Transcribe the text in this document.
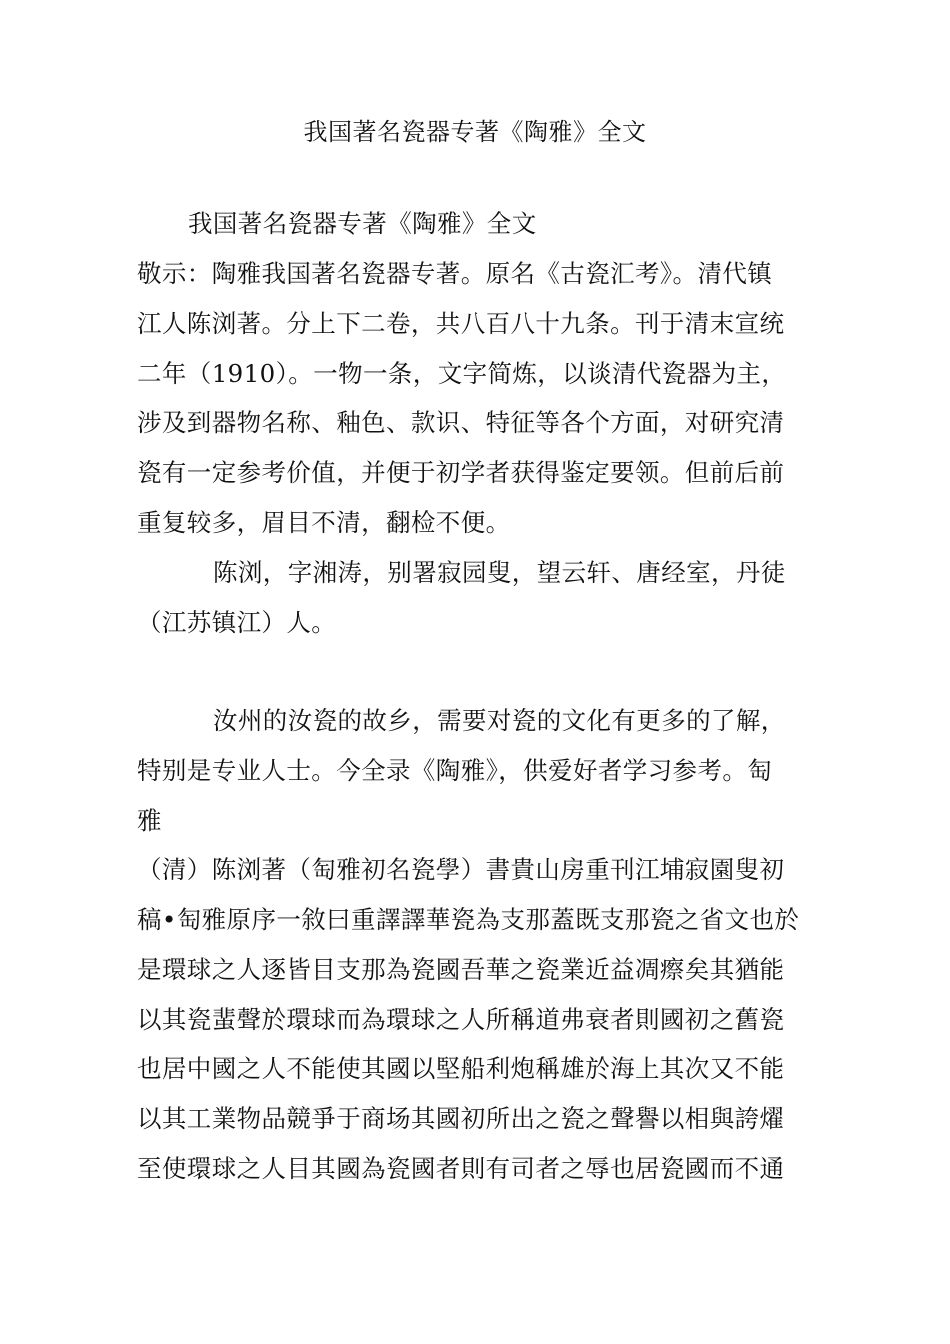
我国著名瓷器专著《陶雅》全文
我国著名瓷器专著《陶雅》全文
敬示：陶雅我国著名瓷器专著。原名《古瓷汇考》。清代镇
江人陈浏著。分上下二卷，共八百八十九条。刊于清末宣统
二年（1910）。一物一条，文字简炼，以谈清代瓷器为主，
涉及到器物名称、釉色、款识、特征等各个方面，对研究清
瓷有一定参考价值，并便于初学者获得鉴定要领。但前后前
重复较多，眉目不清，翻检不便。
陈浏，字湘涛，别署寂园叟，望云轩、唐经室，丹徒
（江苏镇江）人。
汝州的汝瓷的故乡，需要对瓷的文化有更多的了解，
特别是专业人士。今全录《陶雅》，供爱好者学习参考。匋
雅
（清）陈浏著（匋雅初名瓷學）書貴山房重刊江埔寂園叟初
稿•匋雅原序一敘曰重譯譯華瓷為支那蓋既支那瓷之省文也於
是環球之人逐皆目支那為瓷國吾華之瓷業近益凋瘵矣其猶能
以其瓷蜚聲於環球而為環球之人所稱道弗衰者則國初之舊瓷
也居中國之人不能使其國以堅船利炮稱雄於海上其次又不能
以其工業物品競爭于商场其國初所出之瓷之聲譽以相與誇燿
至使環球之人目其國為瓷國者則有司者之辱也居瓷國而不通
